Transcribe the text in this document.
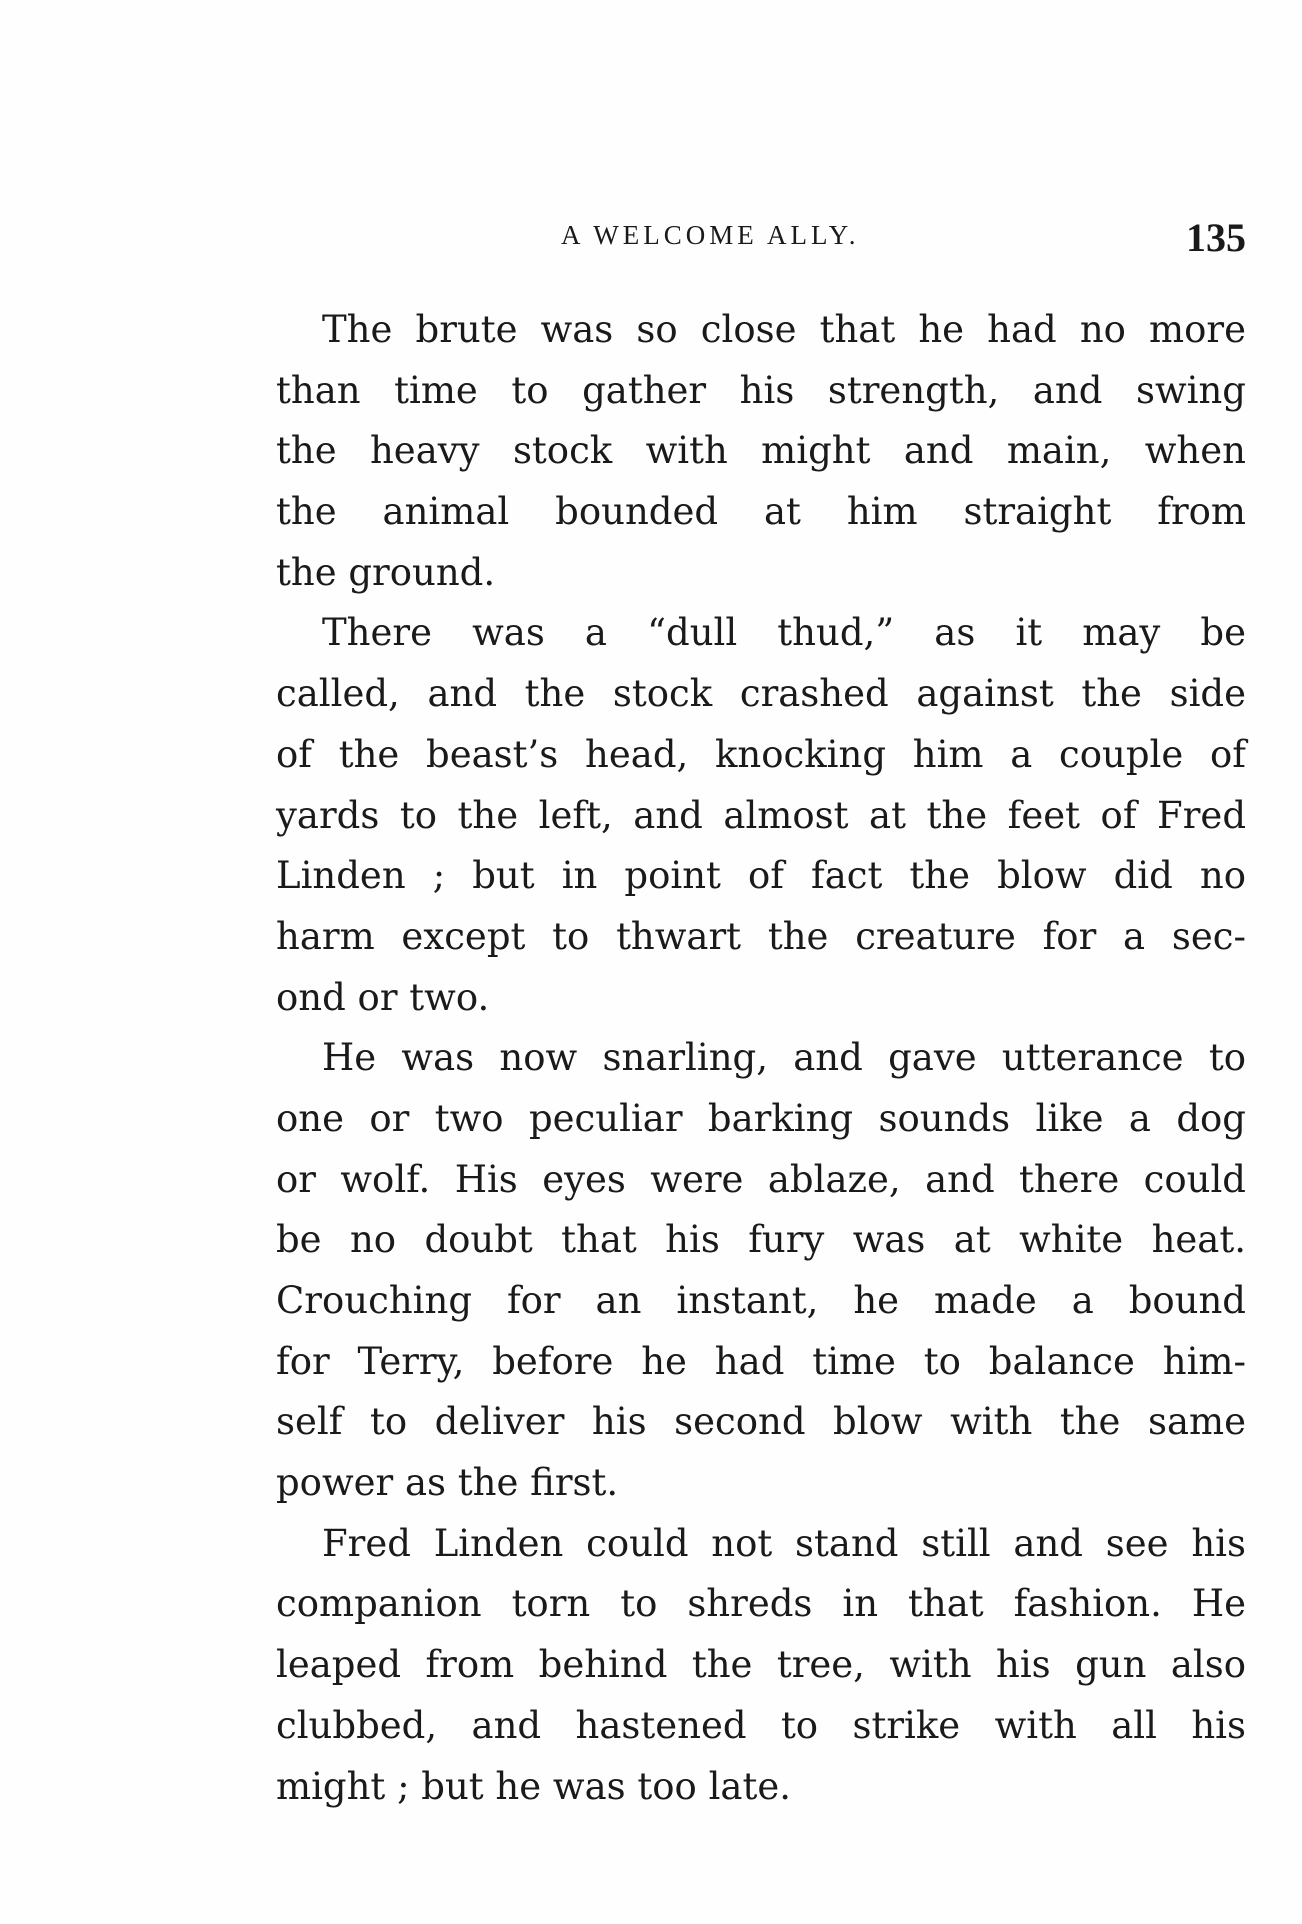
A WELCOME ALLY.	135
The brute was so close that he had no more
than time to gather his strength, and swing
the heavy stock with might and main, when
the animal bounded at him straight from
the ground.
There was a “dull thud,” as it may be
called, and the stock crashed against the side
of the beast’s head, knocking him a couple of
yards to the left, and almost at the feet of Fred
Linden ; but in point of fact the blow did no
harm except to thwart the creature for a sec-
ond or two.
He was now snarling, and gave utterance to
one or two peculiar barking sounds like a dog
or wolf. His eyes were ablaze, and there could
be no doubt that his fury was at white heat.
Crouching for an instant, he made a bound
for Terry, before he had time to balance him-
self to deliver his second blow with the same
power as the first.
Fred Linden could not stand still and see his
companion torn to shreds in that fashion. He
leaped from behind the tree, with his gun also
clubbed, and hastened to strike with all his
might ; but he was too late.
